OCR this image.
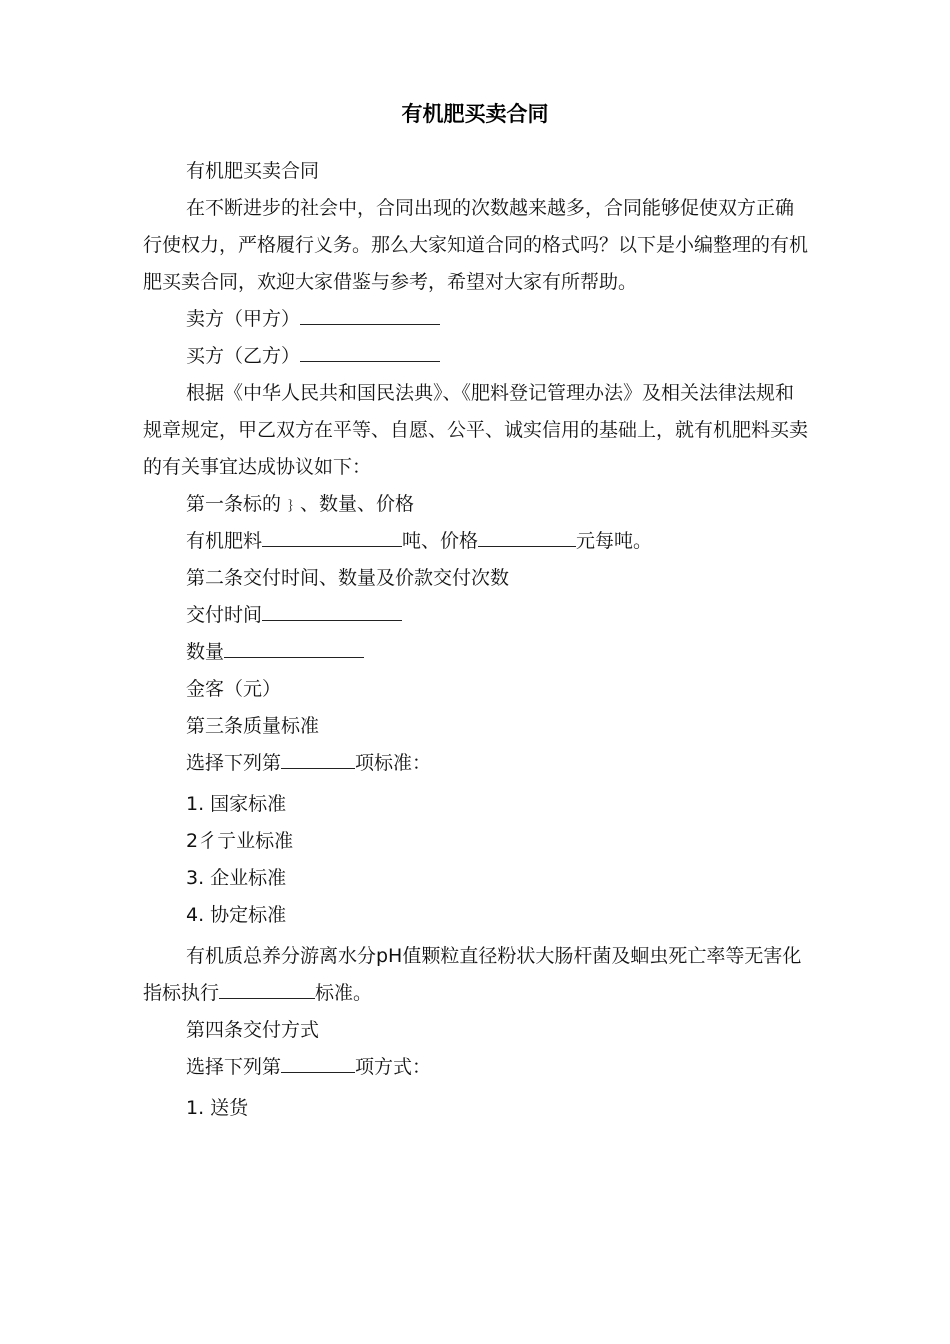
有机肥买卖合同

有机肥买卖合同

在不断进步的社会中，合同出现的次数越来越多，合同能够促使双方正确行使权力，严格履行义务。那么大家知道合同的格式吗？以下是小编整理的有机肥买卖合同，欢迎大家借鉴与参考，希望对大家有所帮助。

卖方（甲方）

买方（乙方）

根据《中华人民共和国民法典》、《肥料登记管理办法》及相关法律法规和规章规定，甲乙双方在平等、自愿、公平、诚实信用的基础上，就有机肥料买卖的有关事宜达成协议如下：

第一条标的﹜、数量、价格

有机肥料	吨、价格	元每吨。

第二条交付时间、数量及价款交付次数

交付时间

数量

金客（元）

第三条质量标准

选择下列第	项标准：

1. 国家标准

2彳亍业标准

3. 企业标准

4. 协定标准

有机质总养分游离水分pH值颗粒直径粉状大肠杆菌及蛔虫死亡率等无害化指标执行	标准。

第四条交付方式

选择下列第	项方式：

1. 送货
